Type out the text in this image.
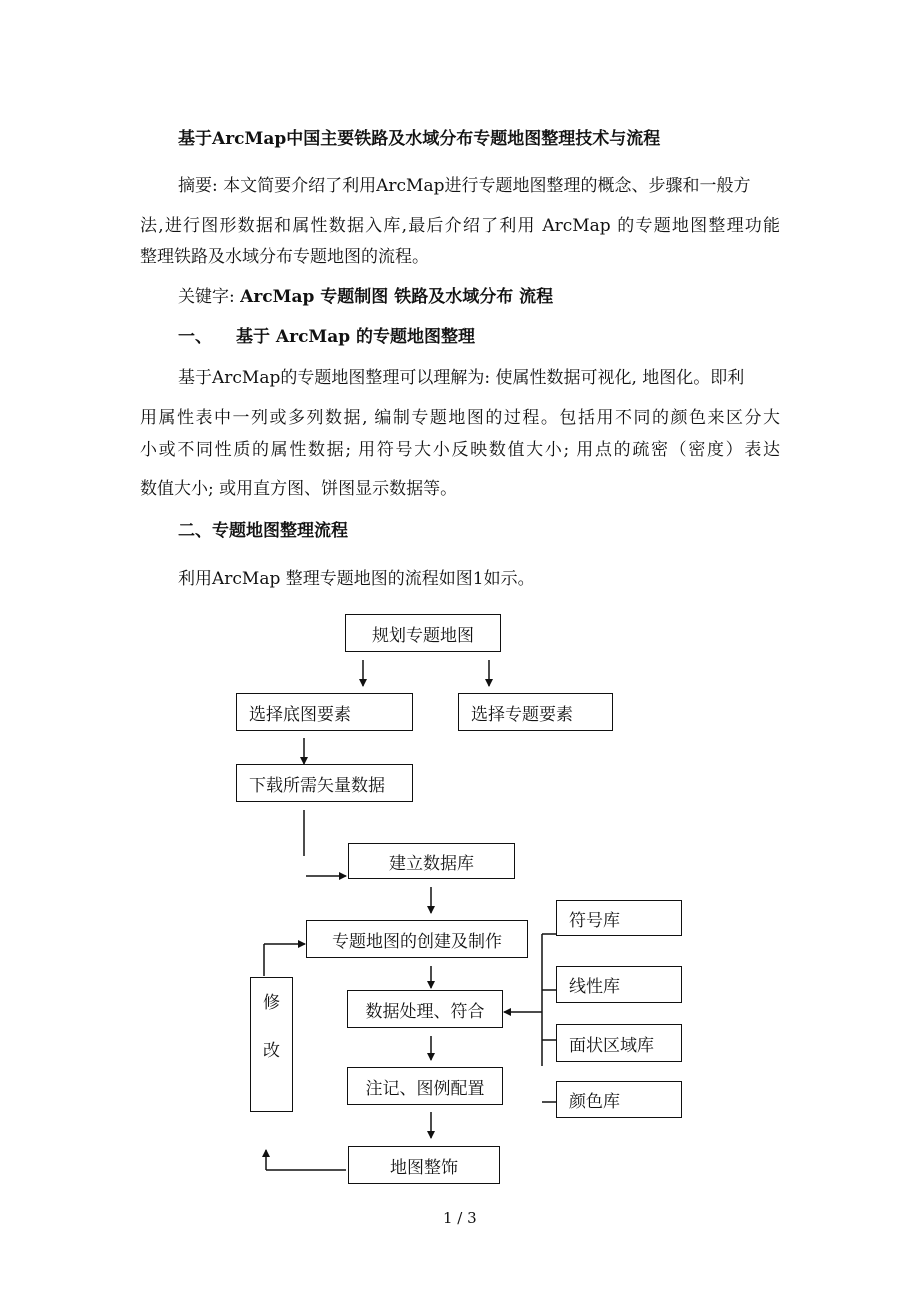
基于ArcMap中国主要铁路及水域分布专题地图整理技术与流程
摘要: 本文简要介绍了利用ArcMap进行专题地图整理的概念、步骤和一般方
法,进行图形数据和属性数据入库,最后介绍了利用 ArcMap 的专题地图整理功能
整理铁路及水域分布专题地图的流程。
关键字: ArcMap 专题制图 铁路及水域分布 流程
一、 基于 ArcMap 的专题地图整理
基于ArcMap的专题地图整理可以理解为: 使属性数据可视化, 地图化。即利
用属性表中一列或多列数据, 编制专题地图的过程。包括用不同的颜色来区分大
小或不同性质的属性数据; 用符号大小反映数值大小; 用点的疏密（密度）表达
数值大小; 或用直方图、饼图显示数据等。
二、专题地图整理流程
利用ArcMap 整理专题地图的流程如图1如示。
规划专题地图
选择底图要素	选择专题要素
下载所需矢量数据
建立数据库
专题地图的创建及制作
数据处理、符合
注记、图例配置
地图整饰
修
改
符号库
线性库
面状区域库
颜色库
1 / 3
